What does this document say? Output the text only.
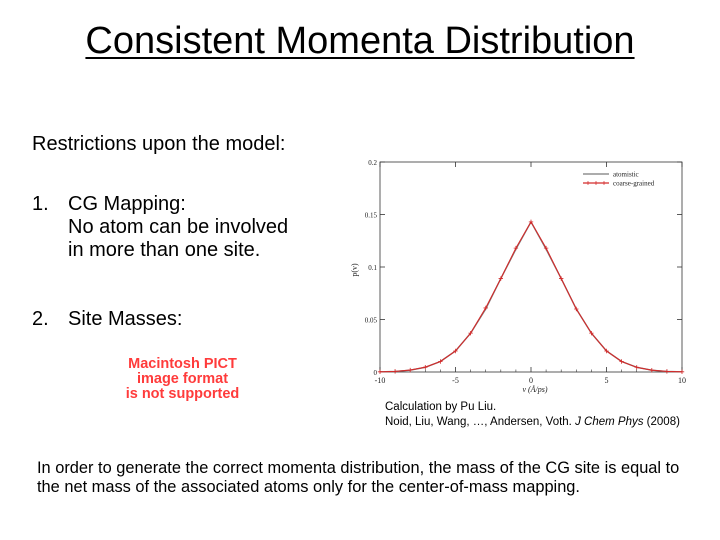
Consistent Momenta Distribution
Restrictions upon the model:
1. CG Mapping:
No atom can be involved
in more than one site.
2. Site Masses:
Macintosh PICT
image format
is not supported
p(v)
v (Å/ps)
-10	-5	0	5	10
0
0.05
0.1
0.15
0.2
atomistic
coarse-grained
Calculation by Pu Liu.
Noid, Liu, Wang, …, Andersen, Voth. J Chem Phys (2008)
In order to generate the correct momenta distribution, the mass of the CG site is equal to the net mass of the associated atoms only for the center-of-mass mapping.
